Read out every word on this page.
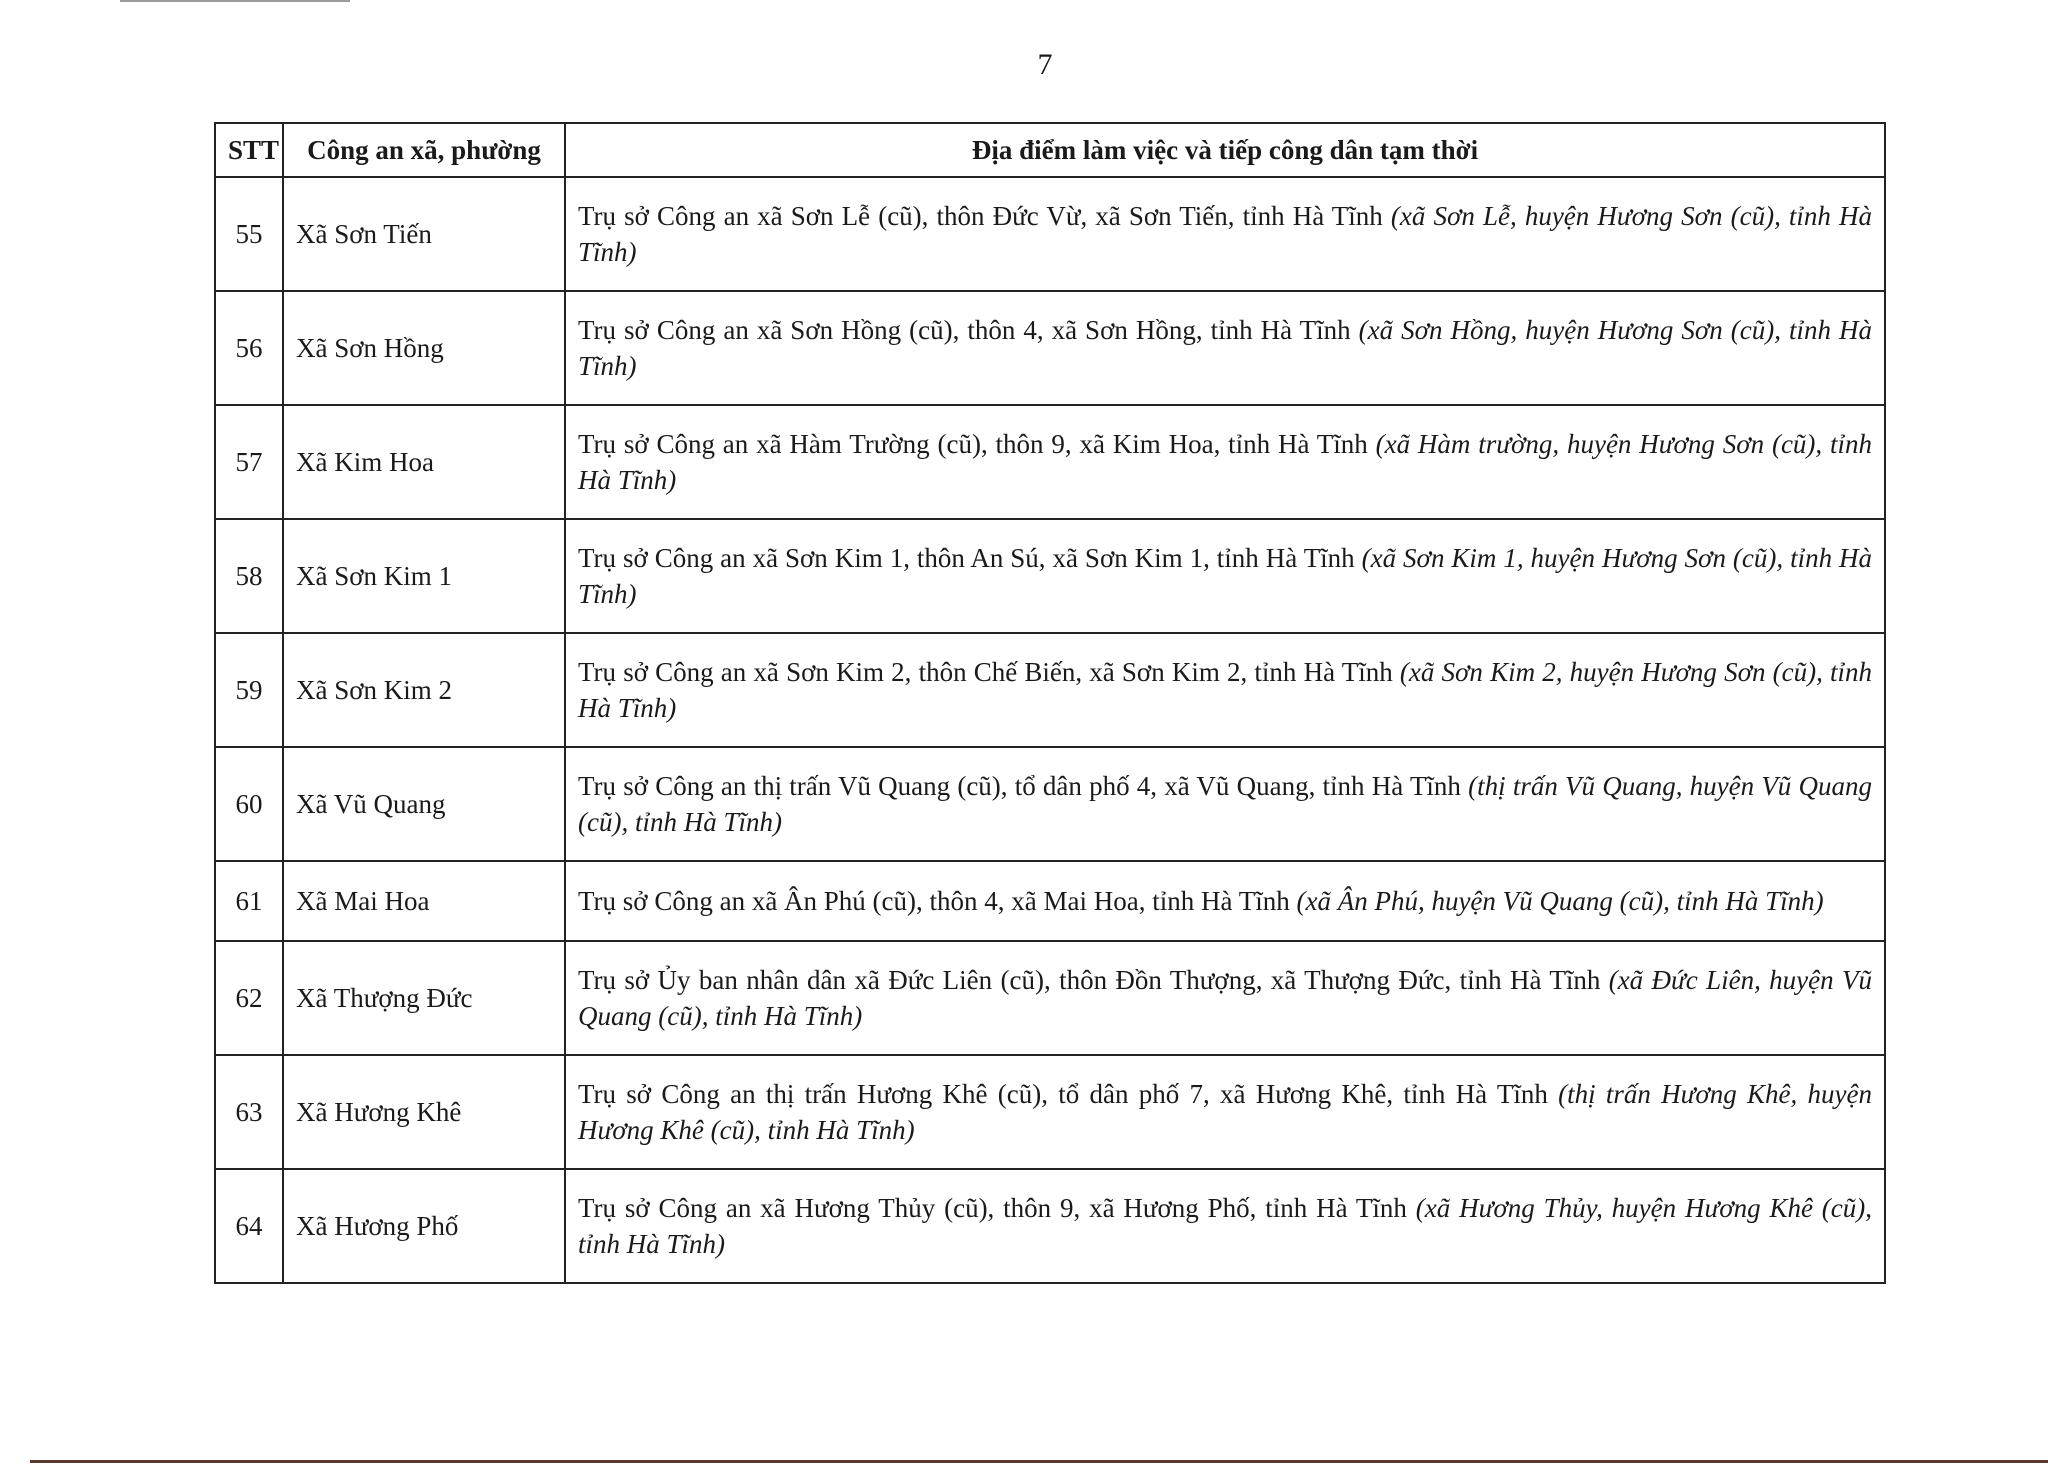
7
STT	Công an xã, phường	Địa điểm làm việc và tiếp công dân tạm thời
55	Xã Sơn Tiến	Trụ sở Công an xã Sơn Lễ (cũ), thôn Đức Vừ, xã Sơn Tiến, tỉnh Hà Tĩnh (xã Sơn Lễ, huyện Hương Sơn (cũ), tỉnh Hà Tĩnh)
56	Xã Sơn Hồng	Trụ sở Công an xã Sơn Hồng (cũ), thôn 4, xã Sơn Hồng, tỉnh Hà Tĩnh (xã Sơn Hồng, huyện Hương Sơn (cũ), tỉnh Hà Tĩnh)
57	Xã Kim Hoa	Trụ sở Công an xã Hàm Trường (cũ), thôn 9, xã Kim Hoa, tỉnh Hà Tĩnh (xã Hàm trường, huyện Hương Sơn (cũ), tỉnh Hà Tĩnh)
58	Xã Sơn Kim 1	Trụ sở Công an xã Sơn Kim 1, thôn An Sú, xã Sơn Kim 1, tỉnh Hà Tĩnh (xã Sơn Kim 1, huyện Hương Sơn (cũ), tỉnh Hà Tĩnh)
59	Xã Sơn Kim 2	Trụ sở Công an xã Sơn Kim 2, thôn Chế Biến, xã Sơn Kim 2, tỉnh Hà Tĩnh (xã Sơn Kim 2, huyện Hương Sơn (cũ), tỉnh Hà Tĩnh)
60	Xã Vũ Quang	Trụ sở Công an thị trấn Vũ Quang (cũ), tổ dân phố 4, xã Vũ Quang, tỉnh Hà Tĩnh (thị trấn Vũ Quang, huyện Vũ Quang (cũ), tỉnh Hà Tĩnh)
61	Xã Mai Hoa	Trụ sở Công an xã Ân Phú (cũ), thôn 4, xã Mai Hoa, tỉnh Hà Tĩnh (xã Ân Phú, huyện Vũ Quang (cũ), tỉnh Hà Tĩnh)
62	Xã Thượng Đức	Trụ sở Ủy ban nhân dân xã Đức Liên (cũ), thôn Đồn Thượng, xã Thượng Đức, tỉnh Hà Tĩnh (xã Đức Liên, huyện Vũ Quang (cũ), tỉnh Hà Tĩnh)
63	Xã Hương Khê	Trụ sở Công an thị trấn Hương Khê (cũ), tổ dân phố 7, xã Hương Khê, tỉnh Hà Tĩnh (thị trấn Hương Khê, huyện Hương Khê (cũ), tỉnh Hà Tĩnh)
64	Xã Hương Phố	Trụ sở Công an xã Hương Thủy (cũ), thôn 9, xã Hương Phố, tỉnh Hà Tĩnh (xã Hương Thủy, huyện Hương Khê (cũ), tỉnh Hà Tĩnh)
